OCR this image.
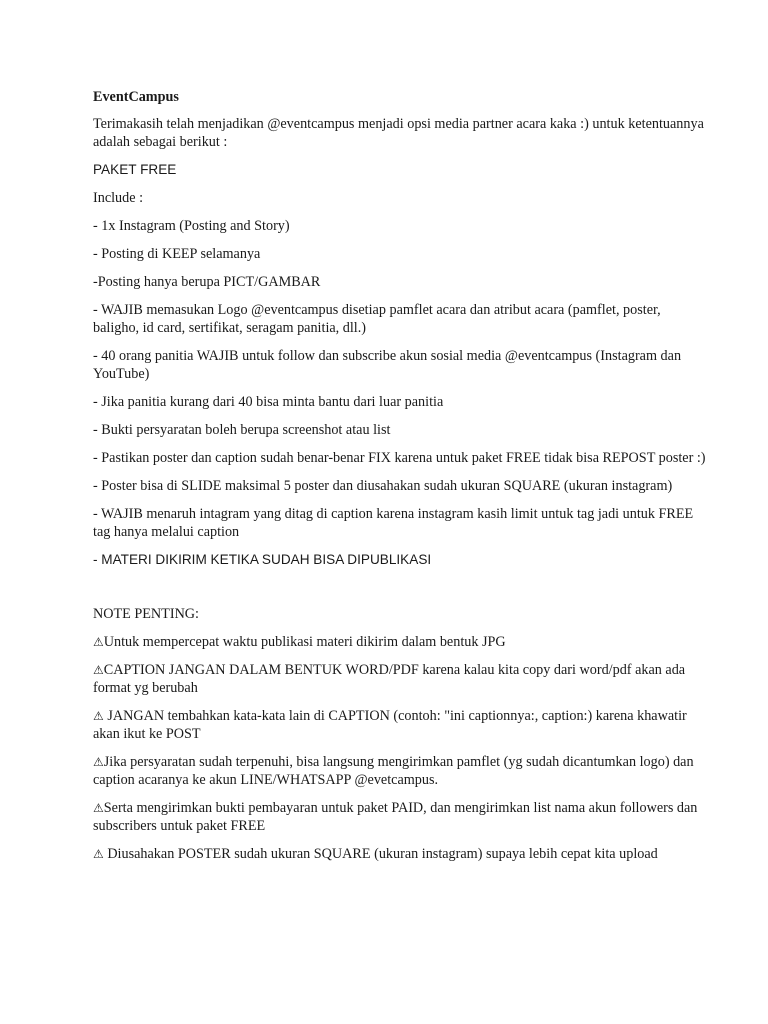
EventCampus
Terimakasih telah menjadikan @eventcampus menjadi opsi media partner acara kaka :) untuk ketentuannya adalah sebagai berikut :
PAKET FREE
Include :
- 1x Instagram (Posting and Story)
- Posting di KEEP selamanya
-Posting hanya berupa PICT/GAMBAR
- WAJIB memasukan Logo @eventcampus disetiap pamflet acara dan atribut acara (pamflet, poster, baligho, id card, sertifikat, seragam panitia, dll.)
- 40 orang panitia WAJIB untuk follow dan subscribe akun sosial media @eventcampus (Instagram dan YouTube)
- Jika panitia kurang dari 40 bisa minta bantu dari luar panitia
- Bukti persyaratan boleh berupa screenshot atau list
- Pastikan poster dan caption sudah benar-benar FIX karena untuk paket FREE tidak bisa REPOST poster :)
- Poster bisa di SLIDE maksimal 5 poster dan diusahakan sudah ukuran SQUARE (ukuran instagram)
- WAJIB menaruh intagram yang ditag di caption karena instagram kasih limit untuk tag jadi untuk FREE tag hanya melalui caption
- MATERI DIKIRIM KETIKA SUDAH BISA DIPUBLIKASI
NOTE PENTING:
⚠Untuk mempercepat waktu publikasi materi dikirim dalam bentuk JPG
⚠CAPTION JANGAN DALAM BENTUK WORD/PDF karena kalau kita copy dari word/pdf akan ada format yg berubah
⚠ JANGAN tembahkan kata-kata lain di CAPTION (contoh: "ini captionnya:, caption:) karena khawatir akan ikut ke POST
⚠Jika persyaratan sudah terpenuhi, bisa langsung mengirimkan pamflet (yg sudah dicantumkan logo) dan caption acaranya ke akun LINE/WHATSAPP @evetcampus.
⚠Serta mengirimkan bukti pembayaran untuk paket PAID, dan mengirimkan list nama akun followers dan subscribers untuk paket FREE
⚠ Diusahakan POSTER sudah ukuran SQUARE (ukuran instagram) supaya lebih cepat kita upload
